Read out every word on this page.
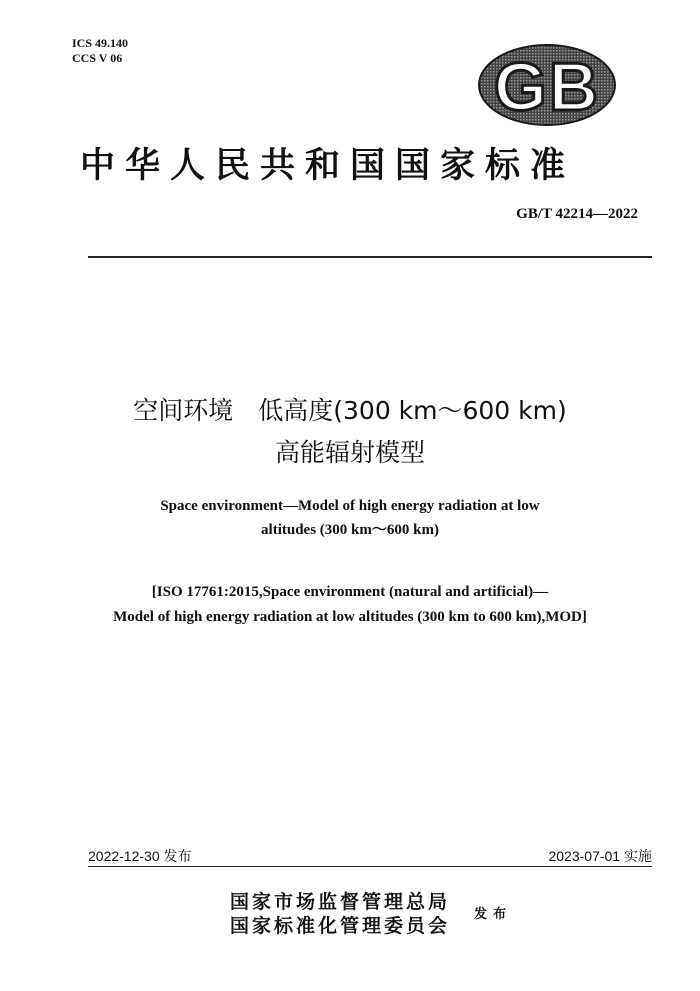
ICS 49.140
CCS V 06	GB
中华人民共和国国家标准
GB/T 42214—2022
空间环境　低高度(300 km～600 km)
高能辐射模型
Space environment—Model of high energy radiation at low
altitudes (300 km～600 km)
[ISO 17761:2015,Space environment (natural and artificial)—
Model of high energy radiation at low altitudes (300 km to 600 km),MOD]
2022-12-30 发布	2023-07-01 实施
国家市场监督管理总局
国家标准化管理委员会
发布
